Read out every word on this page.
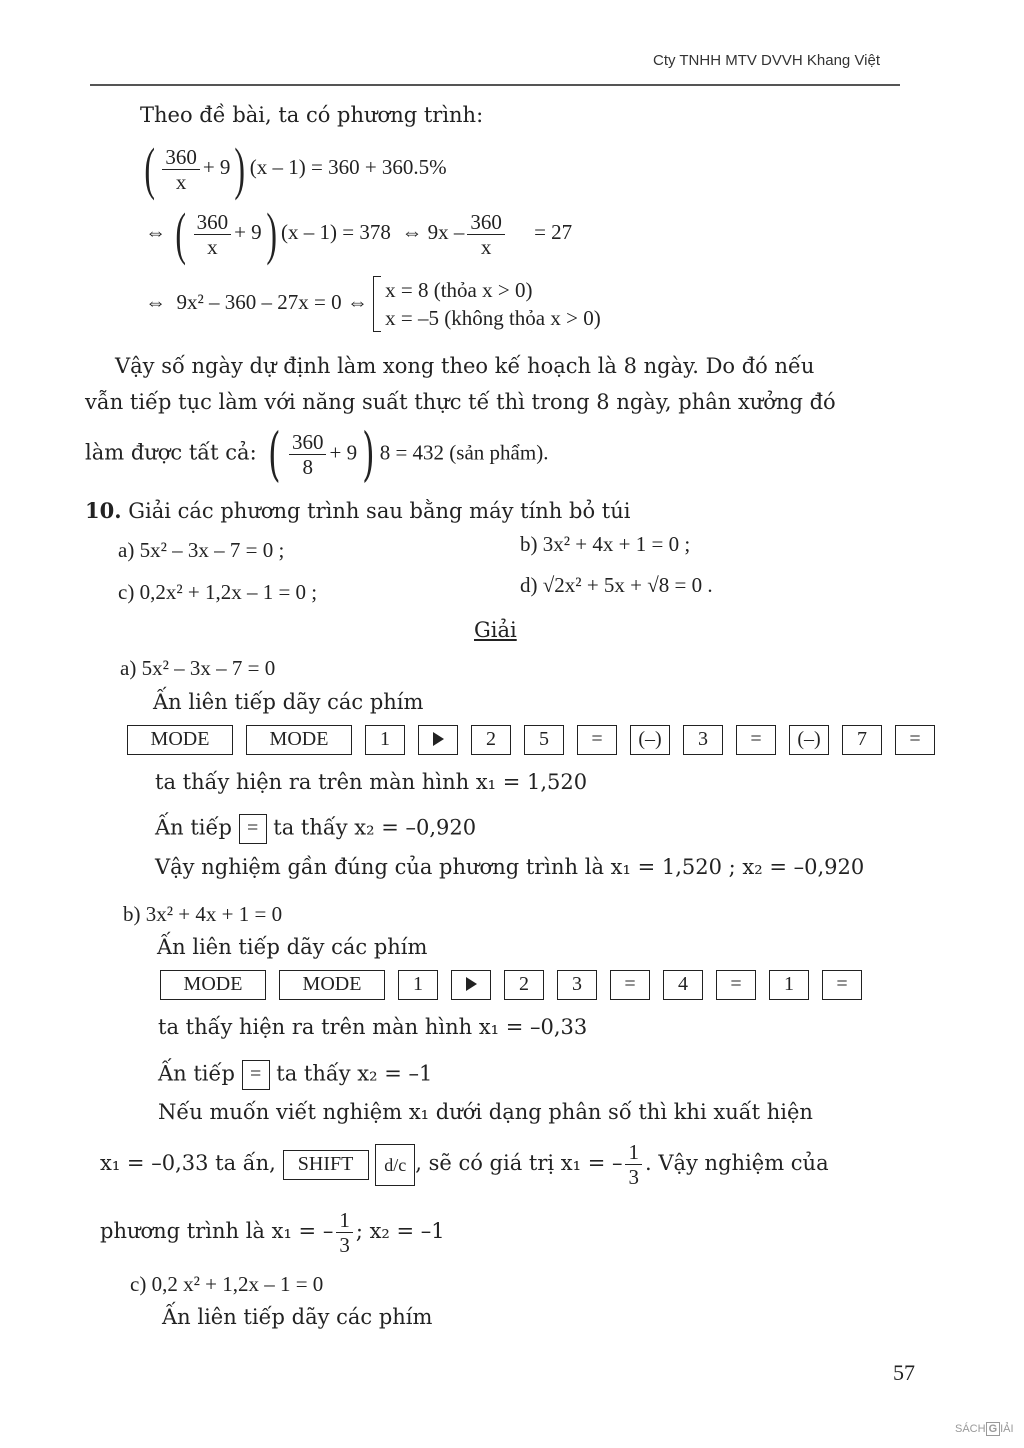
Cty TNHH MTV DVVH Khang Việt
Theo đề bài, ta có phương trình:
( $\frac{360}{x} + 9$) (x – 1) = 360 + 360.5%
⇔ ( $\frac{360}{x} + 9$) (x – 1) = 378 ⇔ $9x - \frac{360}{x} = 27$
⇔ 9x² – 360 – 27x = 0 ⇔ x = 8 (thỏa x > 0)
x = –5 (không thỏa x > 0)
Vậy số ngày dự định làm xong theo kế hoạch là 8 ngày. Do đó nếu
vẫn tiếp tục làm với năng suất thực tế thì trong 8 ngày, phân xưởng đó
làm được tất cả: ( $\frac{360}{8} + 9$) 8 = 432 (sản phẩm).
10. Giải các phương trình sau bằng máy tính bỏ túi
a) 5x² – 3x – 7 = 0 ;	b) 3x² + 4x + 1 = 0 ;
c) 0,2x² + 1,2x – 1 = 0 ;	d) √2x² + 5x + √8 = 0 .
Giải
a) 5x² – 3x – 7 = 0
Ấn liên tiếp dãy các phím
MODE	MODE	1	2 5 = (–) 3 = (–) 7 =
ta thấy hiện ra trên màn hình x₁ = 1,520
Ấn tiếp = ta thấy x₂ = –0,920
Vậy nghiệm gần đúng của phương trình là x₁ = 1,520 ; x₂ = –0,920
b) 3x² + 4x + 1 = 0
Ấn liên tiếp dãy các phím
MODE	MODE	1	2 3 = 4 = 1 =
ta thấy hiện ra trên màn hình x₁ = –0,33
Ấn tiếp = ta thấy x₂ = –1
Nếu muốn viết nghiệm x₁ dưới dạng phân số thì khi xuất hiện
x₁ = –0,33 ta ấn, SHIFT d/c , sẽ có giá trị x₁ = – $\frac{1}{3}$ . Vậy nghiệm của
phương trình là x₁ = – $\frac{1}{3}$ ; x₂ = –1
c) 0,2 x² + 1,2x – 1 = 0
Ấn liên tiếp dãy các phím
57
SÁCH G IẢI
